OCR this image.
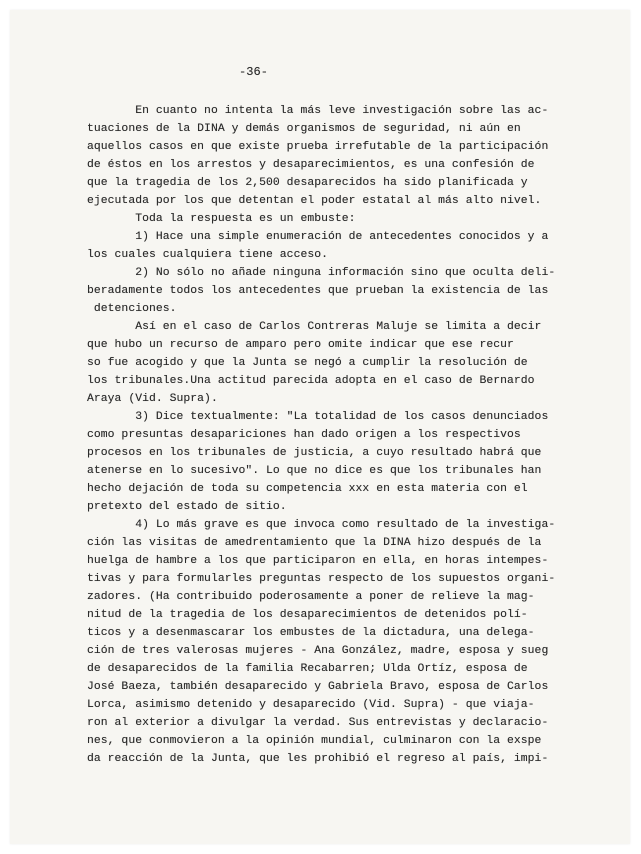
-36-
En cuanto no intenta la más leve investigación sobre las ac-
tuaciones de la DINA y demás organismos de seguridad, ni aún en
aquellos casos en que existe prueba irrefutable de la participación
de éstos en los arrestos y desaparecimientos, es una confesión de
que la tragedia de los 2,500 desaparecidos ha sido planificada y
ejecutada por los que detentan el poder estatal al más alto nivel.
Toda la respuesta es un embuste:
1) Hace una simple enumeración de antecedentes conocidos y a
los cuales cualquiera tiene acceso.
2) No sólo no añade ninguna información sino que oculta deli-
beradamente todos los antecedentes que prueban la existencia de las
detenciones.
Así en el caso de Carlos Contreras Maluje se limita a decir
que hubo un recurso de amparo pero omite indicar que ese recur
so fue acogido y que la Junta se negó a cumplir la resolución de
los tribunales.Una actitud parecida adopta en el caso de Bernardo
Araya (Vid. Supra).
3) Dice textualmente: "La totalidad de los casos denunciados
como presuntas desapariciones han dado origen a los respectivos
procesos en los tribunales de justicia, a cuyo resultado habrá que
atenerse en lo sucesivo". Lo que no dice es que los tribunales han
hecho dejación de toda su competencia xxx en esta materia con el
pretexto del estado de sitio.
4) Lo más grave es que invoca como resultado de la investiga-
ción las visitas de amedrentamiento que la DINA hizo después de la
huelga de hambre a los que participaron en ella, en horas intempes-
tivas y para formularles preguntas respecto de los supuestos organi-
zadores. (Ha contribuido poderosamente a poner de relieve la mag-
nitud de la tragedia de los desaparecimientos de detenidos polí-
ticos y a desenmascarar los embustes de la dictadura, una delega-
ción de tres valerosas mujeres - Ana González, madre, esposa y sueg
de desaparecidos de la familia Recabarren; Ulda Ortíz, esposa de
José Baeza, también desaparecido y Gabriela Bravo, esposa de Carlos
Lorca, asimismo detenido y desaparecido (Vid. Supra) - que viaja-
ron al exterior a divulgar la verdad. Sus entrevistas y declaracio-
nes, que conmovieron a la opinión mundial, culminaron con la exspe
da reacción de la Junta, que les prohibió el regreso al país, impi-
